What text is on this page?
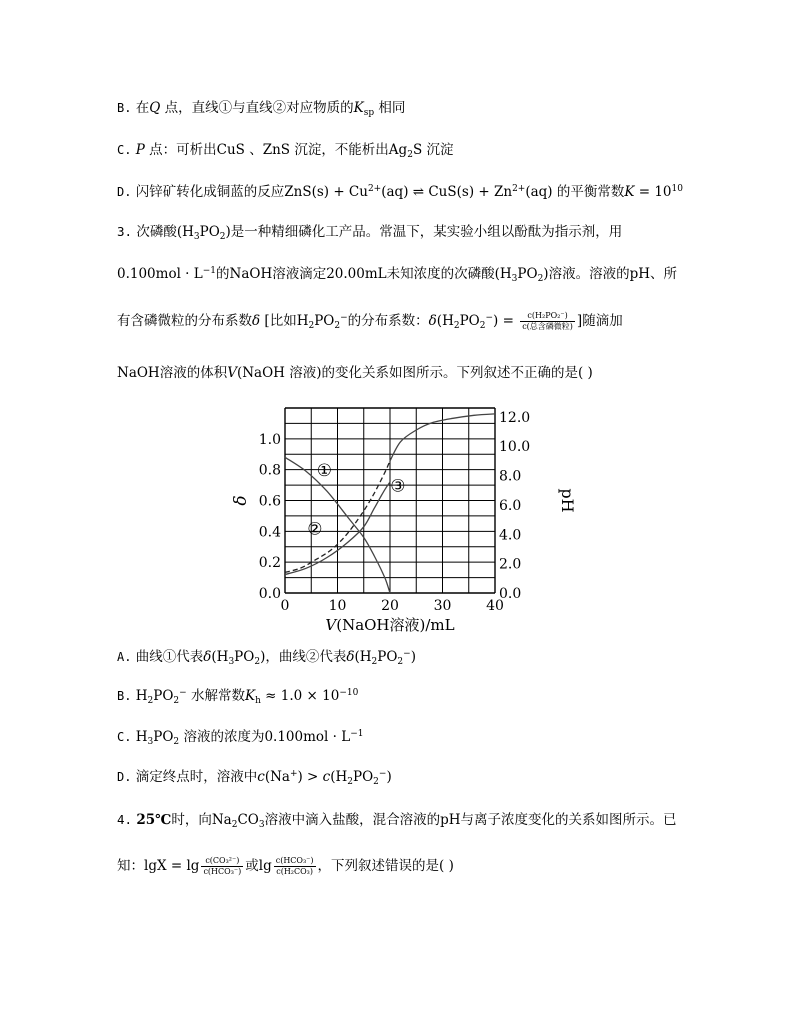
B. 在Q 点，直线①与直线②对应物质的$K_{sp}$ 相同
C. P 点：可析出CuS 、ZnS 沉淀，不能析出$Ag_2S$ 沉淀
D. 闪锌矿转化成铜蓝的反应$ZnS(s) + Cu^{2+}(aq)$ ⇌ $CuS(s) + Zn^{2+}(aq)$ 的平衡常数$K = 10^{10}$
3. 次磷酸$(H_3PO_2)$是一种精细磷化工产品。常温下，某实验小组以酚酞为指示剂，用
$0.100mol \cdot L^{-1}$的NaOH溶液滴定20.00mL未知浓度的次磷酸$(H_3PO_2)$溶液。溶液的pH、所
有含磷微粒的分布系数δ [比如$H_2PO_2^-$的分布系数：$\delta(H_2PO_2^-) = \frac{\text{c(H₂PO₂⁻)}}{\text{c(总含磷微粒)}}$ ]随滴加
NaOH溶液的体积V(NaOH 溶液)的变化关系如图所示。下列叙述不正确的是( )
0.0
0.2
0.4
0.6
0.8
1.0
0.0
2.0
4.0
6.0
8.0
10.0
12.0
0	10 20 30 40
V(NaOH溶液)/mL
δ	pH
①
②
③
A. 曲线①代表$\delta(H_3PO_2)$，曲线②代表$\delta(H_2PO_2^-)$
B. $H_2PO_2^-$ 水解常数$K_h \approx 1.0 \times 10^{-10}$
C. $H_3PO_2$ 溶液的浓度为$0.100mol \cdot L^{-1}$
D. 滴定终点时，溶液中$c(Na^+) > c(H_2PO_2^-)$
4. 25℃时，向$Na_2CO_3$溶液中滴入盐酸，混合溶液的pH与离子浓度变化的关系如图所示。已
知：$\lg X = \lg \frac{\text{c(CO₃²⁻)}}{\text{c(HCO₃⁻)}}$ 或$\lg \frac{\text{c(HCO₃⁻)}}{\text{c(H₂CO₃)}}$ ，下列叙述错误的是( )
